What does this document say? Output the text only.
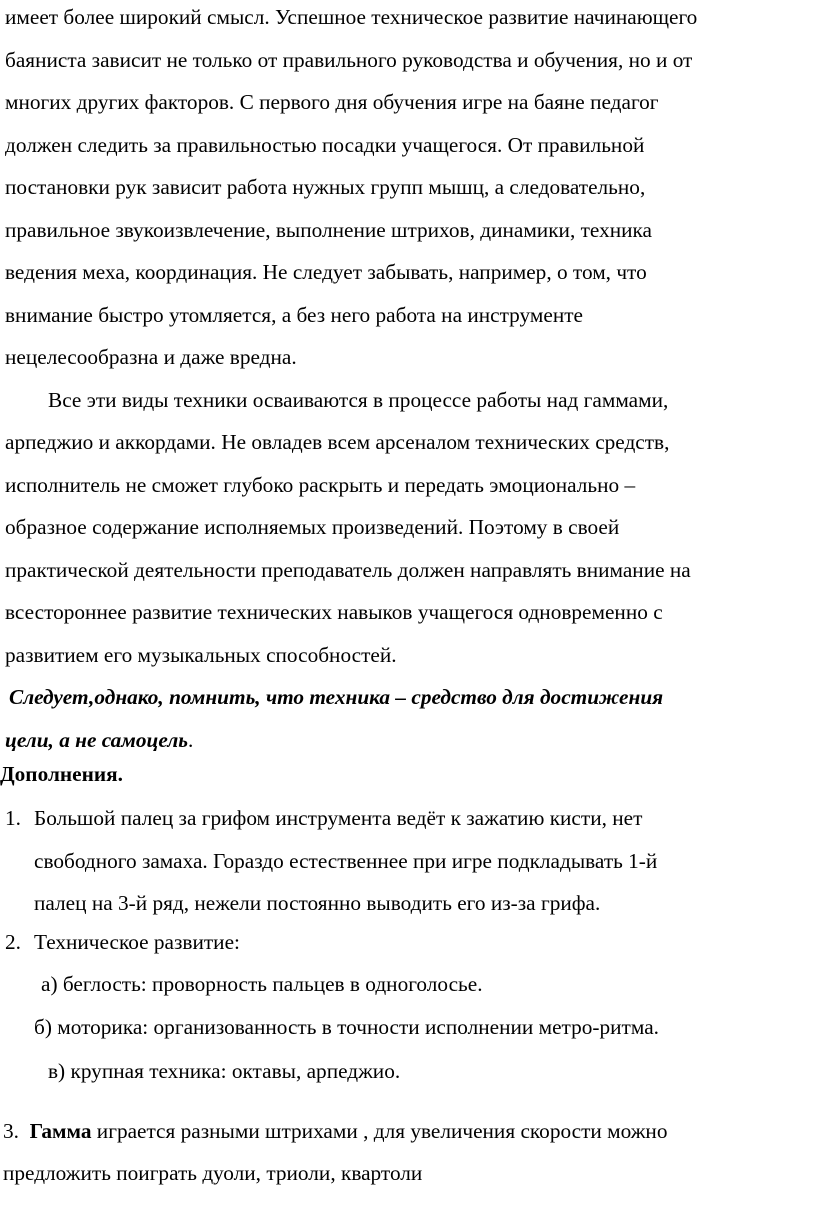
имеет более широкий смысл. Успешное техническое развитие начинающего
баяниста зависит не только от правильного руководства и обучения, но и от
многих других факторов. С первого дня обучения игре на баяне педагог
должен следить за правильностью посадки учащегося. От правильной
постановки рук зависит работа нужных групп мышц, а следовательно,
правильное звукоизвлечение, выполнение штрихов, динамики, техника
ведения меха, координация. Не следует забывать, например, о том, что
внимание быстро утомляется, а без него работа на инструменте
нецелесообразна и даже вредна.
Все эти виды техники осваиваются в процессе работы над гаммами,
арпеджио и аккордами. Не овладев всем арсеналом технических средств,
исполнитель не сможет глубоко раскрыть и передать эмоционально –
образное содержание исполняемых произведений. Поэтому в своей
практической деятельности преподаватель должен направлять внимание на
всестороннее развитие технических навыков учащегося одновременно с
развитием его музыкальных способностей.
Следует,однако, помнить, что техника – средство для достижения
цели, а не самоцель.
Дополнения.
1. Большой палец за грифом инструмента ведёт к зажатию кисти, нет
свободного замаха. Гораздо естественнее при игре подкладывать 1-й
палец на 3-й ряд, нежели постоянно выводить его из-за грифа.
2. Техническое развитие:
а) беглость: проворность пальцев в одноголосье.
б) моторика: организованность в точности исполнении метро-ритма.
в) крупная техника: октавы, арпеджио.
3. Гамма играется разными штрихами , для увеличения скорости можно
предложить поиграть дуоли, триоли, квартоли
